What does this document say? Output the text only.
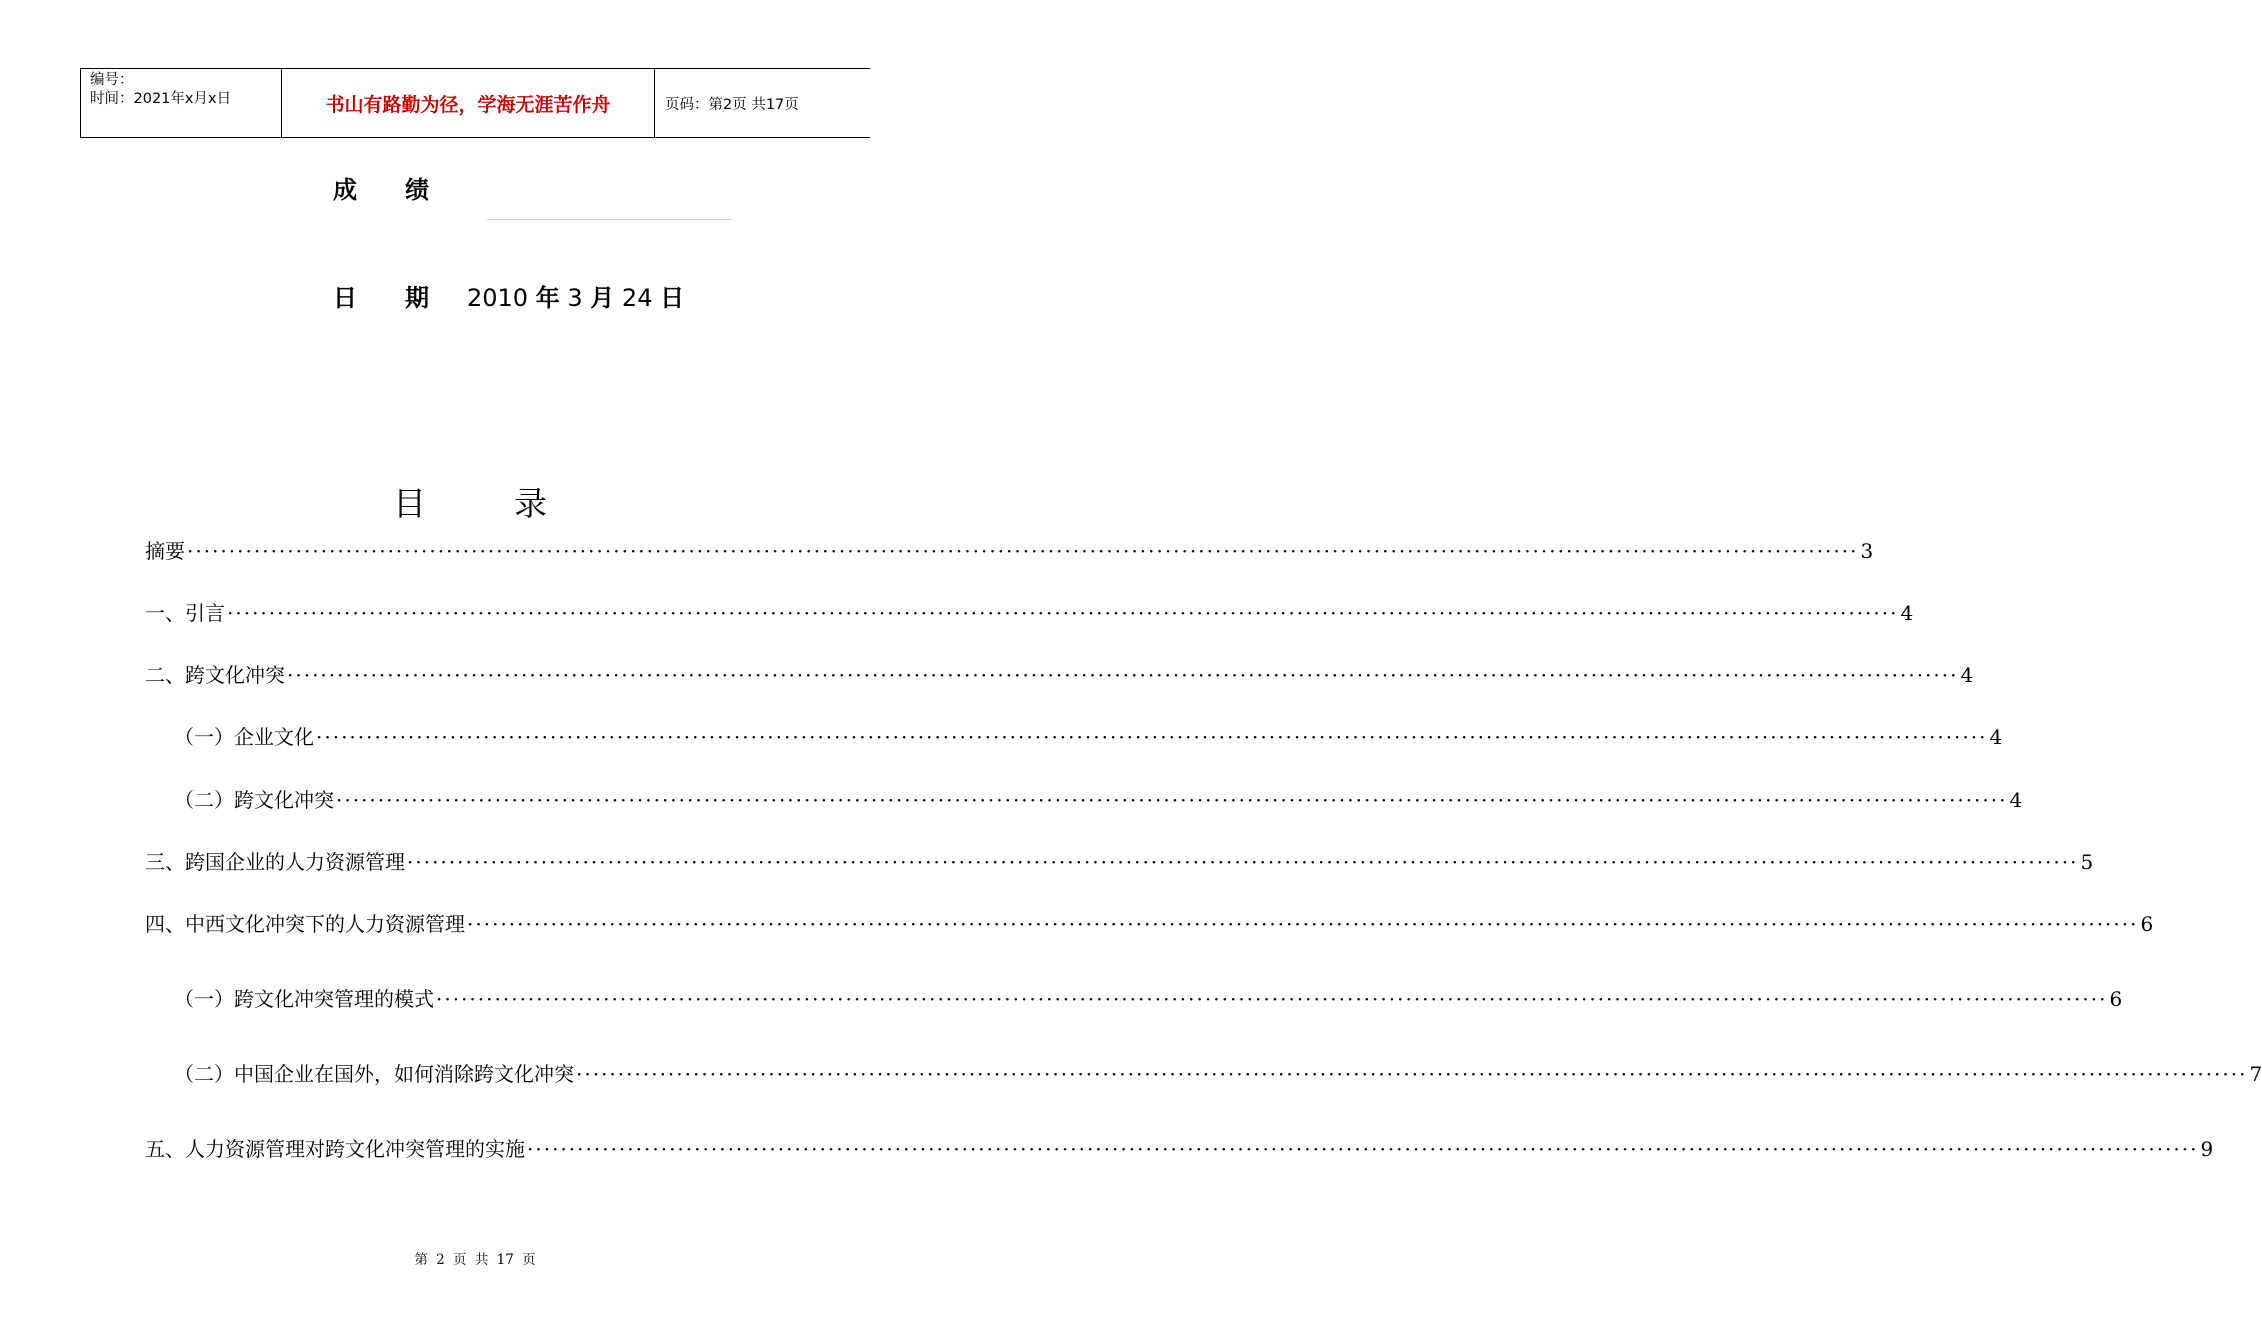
编号：
时间：2021年x月x日	书山有路勤为径，学海无涯苦作舟	页码：第2页 共17页
成绩
日期
2010 年 3 月 24 日
目录
摘要 ········································································································································································································ 3
一、引言 ········································································································································································································ 4
二、跨文化冲突 ········································································································································································································ 4
（一）企业文化 ········································································································································································································ 4
（二）跨文化冲突 ········································································································································································································ 4
三、跨国企业的人力资源管理 ········································································································································································································ 5
四、中西文化冲突下的人力资源管理 ········································································································································································································ 6
（一）跨文化冲突管理的模式 ········································································································································································································ 6
（二）中国企业在国外，如何消除跨文化冲突 ········································································································································································································ 7
五、人力资源管理对跨文化冲突管理的实施 ········································································································································································································ 9
第 2 页 共 17 页
